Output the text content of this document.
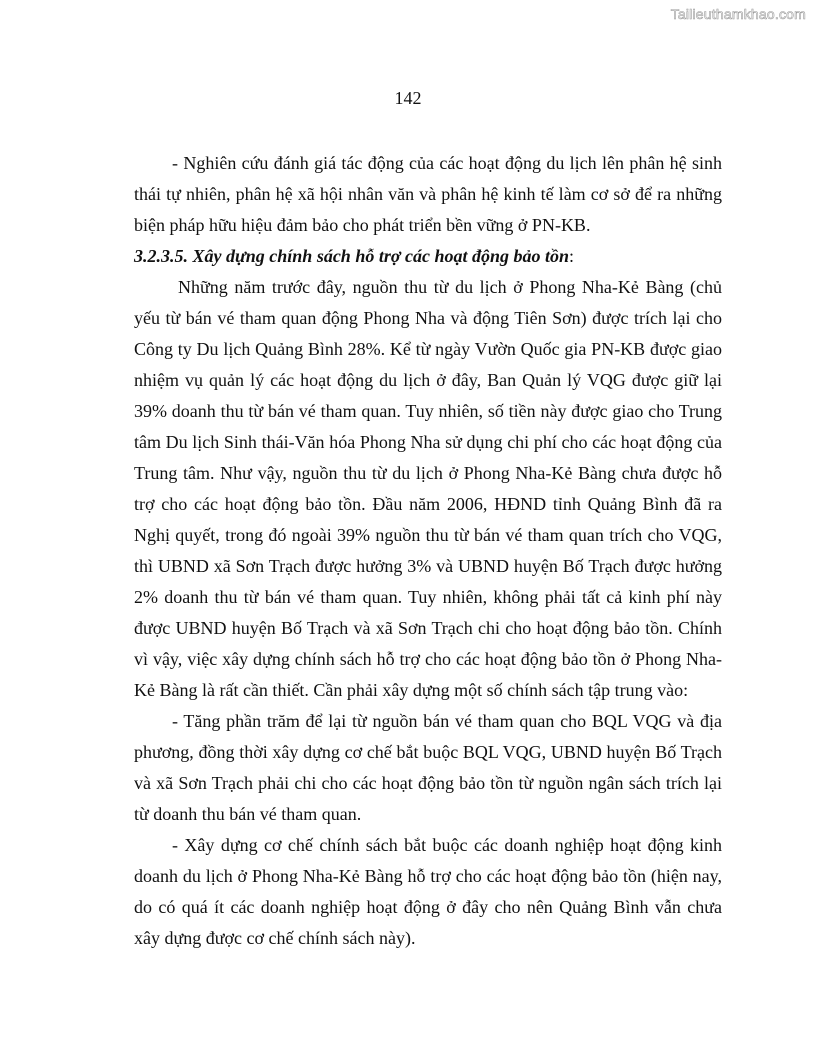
Tailieuthamkhao.com
142

- Nghiên cứu đánh giá tác động của các hoạt động du lịch lên phân hệ sinh thái tự nhiên, phân hệ xã hội nhân văn và phân hệ kinh tế làm cơ sở để ra những biện pháp hữu hiệu đảm bảo cho phát triển bền vững ở PN-KB.

3.2.3.5. Xây dựng chính sách hỗ trợ các hoạt động bảo tồn:

Những năm trước đây, nguồn thu từ du lịch ở Phong Nha-Kẻ Bàng (chủ yếu từ bán vé tham quan động Phong Nha và động Tiên Sơn) được trích lại cho Công ty Du lịch Quảng Bình 28%. Kể từ ngày Vườn Quốc gia PN-KB được giao nhiệm vụ quản lý các hoạt động du lịch ở đây, Ban Quản lý VQG được giữ lại 39% doanh thu từ bán vé tham quan. Tuy nhiên, số tiền này được giao cho Trung tâm Du lịch Sinh thái-Văn hóa Phong Nha sử dụng chi phí cho các hoạt động của Trung tâm. Như vậy, nguồn thu từ du lịch ở Phong Nha-Kẻ Bàng chưa được hỗ trợ cho các hoạt động bảo tồn. Đầu năm 2006, HĐND tỉnh Quảng Bình đã ra Nghị quyết, trong đó ngoài 39% nguồn thu từ bán vé tham quan trích cho VQG, thì UBND xã Sơn Trạch được hưởng 3% và UBND huyện Bố Trạch được hưởng 2% doanh thu từ bán vé tham quan. Tuy nhiên, không phải tất cả kinh phí này được UBND huyện Bố Trạch và xã Sơn Trạch chi cho hoạt động bảo tồn. Chính vì vậy, việc xây dựng chính sách hỗ trợ cho các hoạt động bảo tồn ở Phong Nha-Kẻ Bàng là rất cần thiết. Cần phải xây dựng một số chính sách tập trung vào:

- Tăng phần trăm để lại từ nguồn bán vé tham quan cho BQL VQG và địa phương, đồng thời xây dựng cơ chế bắt buộc BQL VQG, UBND huyện Bố Trạch và xã Sơn Trạch phải chi cho các hoạt động bảo tồn từ nguồn ngân sách trích lại từ doanh thu bán vé tham quan.

- Xây dựng cơ chế chính sách bắt buộc các doanh nghiệp hoạt động kinh doanh du lịch ở Phong Nha-Kẻ Bàng hỗ trợ cho các hoạt động bảo tồn (hiện nay, do có quá ít các doanh nghiệp hoạt động ở đây cho nên Quảng Bình vẫn chưa xây dựng được cơ chế chính sách này).
